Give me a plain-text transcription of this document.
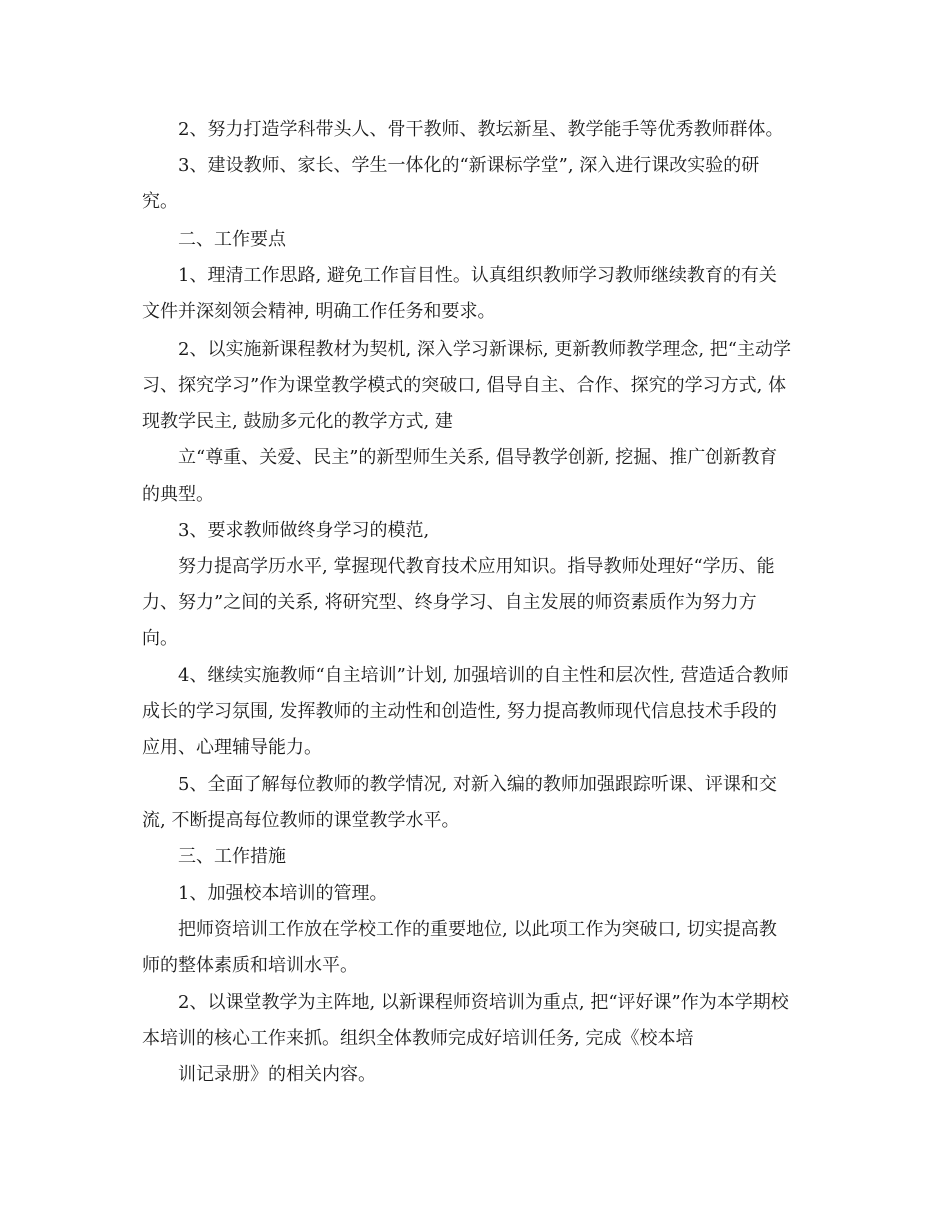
2、努力打造学科带头人、骨干教师、教坛新星、教学能手等优秀教师群体。

3、建设教师、家长、学生一体化的“新课标学堂”, 深入进行课改实验的研

究。

二、工作要点

1、理清工作思路, 避免工作盲目性。认真组织教师学习教师继续教育的有关

文件并深刻领会精神, 明确工作任务和要求。

2、以实施新课程教材为契机, 深入学习新课标, 更新教师教学理念, 把“主动学

习、探究学习”作为课堂教学模式的突破口, 倡导自主、合作、探究的学习方式, 体

现教学民主, 鼓励多元化的教学方式, 建

立“尊重、关爱、民主”的新型师生关系, 倡导教学创新, 挖掘、推广创新教育

的典型。

3、要求教师做终身学习的模范,

努力提高学历水平, 掌握现代教育技术应用知识。指导教师处理好“学历、能

力、努力”之间的关系, 将研究型、终身学习、自主发展的师资素质作为努力方

向。

4、继续实施教师“自主培训”计划, 加强培训的自主性和层次性, 营造适合教师

成长的学习氛围, 发挥教师的主动性和创造性, 努力提高教师现代信息技术手段的

应用、心理辅导能力。

5、全面了解每位教师的教学情况, 对新入编的教师加强跟踪听课、评课和交

流, 不断提高每位教师的课堂教学水平。

三、工作措施

1、加强校本培训的管理。

把师资培训工作放在学校工作的重要地位, 以此项工作为突破口, 切实提高教

师的整体素质和培训水平。

2、以课堂教学为主阵地, 以新课程师资培训为重点, 把“评好课”作为本学期校

本培训的核心工作来抓。组织全体教师完成好培训任务, 完成《校本培

训记录册》的相关内容。
